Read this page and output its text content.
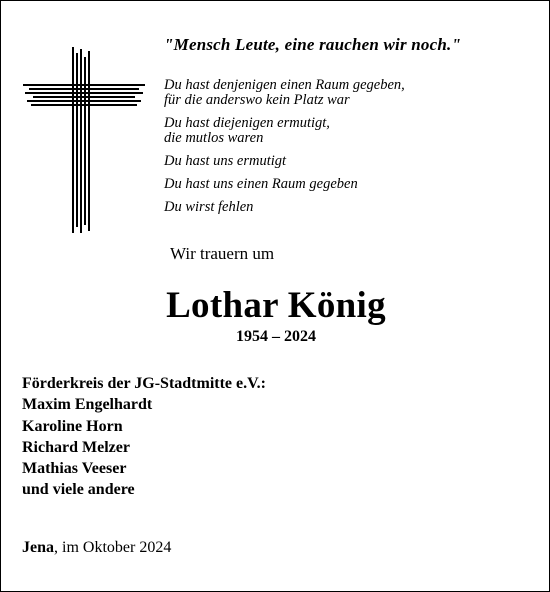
"Mensch Leute, eine rauchen wir noch."
Du hast denjenigen einen Raum gegeben,
für die anderswo kein Platz war
Du hast diejenigen ermutigt,
die mutlos waren
Du hast uns ermutigt
Du hast uns einen Raum gegeben
Du wirst fehlen
Wir trauern um
Lothar König
1954 – 2024
Förderkreis der JG-Stadtmitte e.V.:
Maxim Engelhardt
Karoline Horn
Richard Melzer
Mathias Veeser
und viele andere
Jena, im Oktober 2024
